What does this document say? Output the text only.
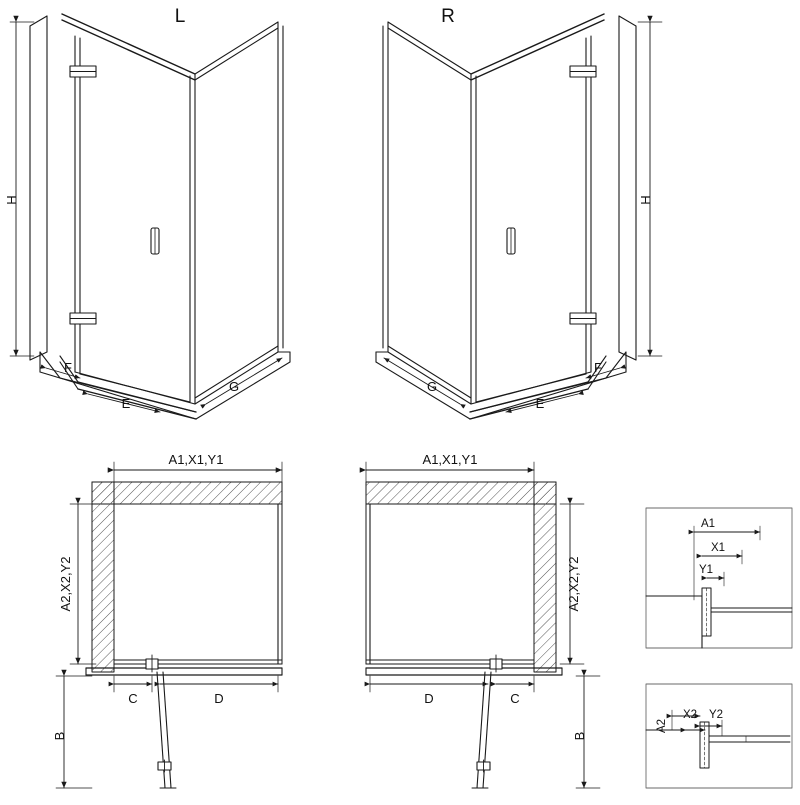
L	R
H
F
E
G
H
F
E
G
A1,X1,Y1
A2,X2,Y2
C	D
B
A1,X1,Y1
A2,X2,Y2
D	C
B
A1
X1
Y1
A2
X2 Y2
